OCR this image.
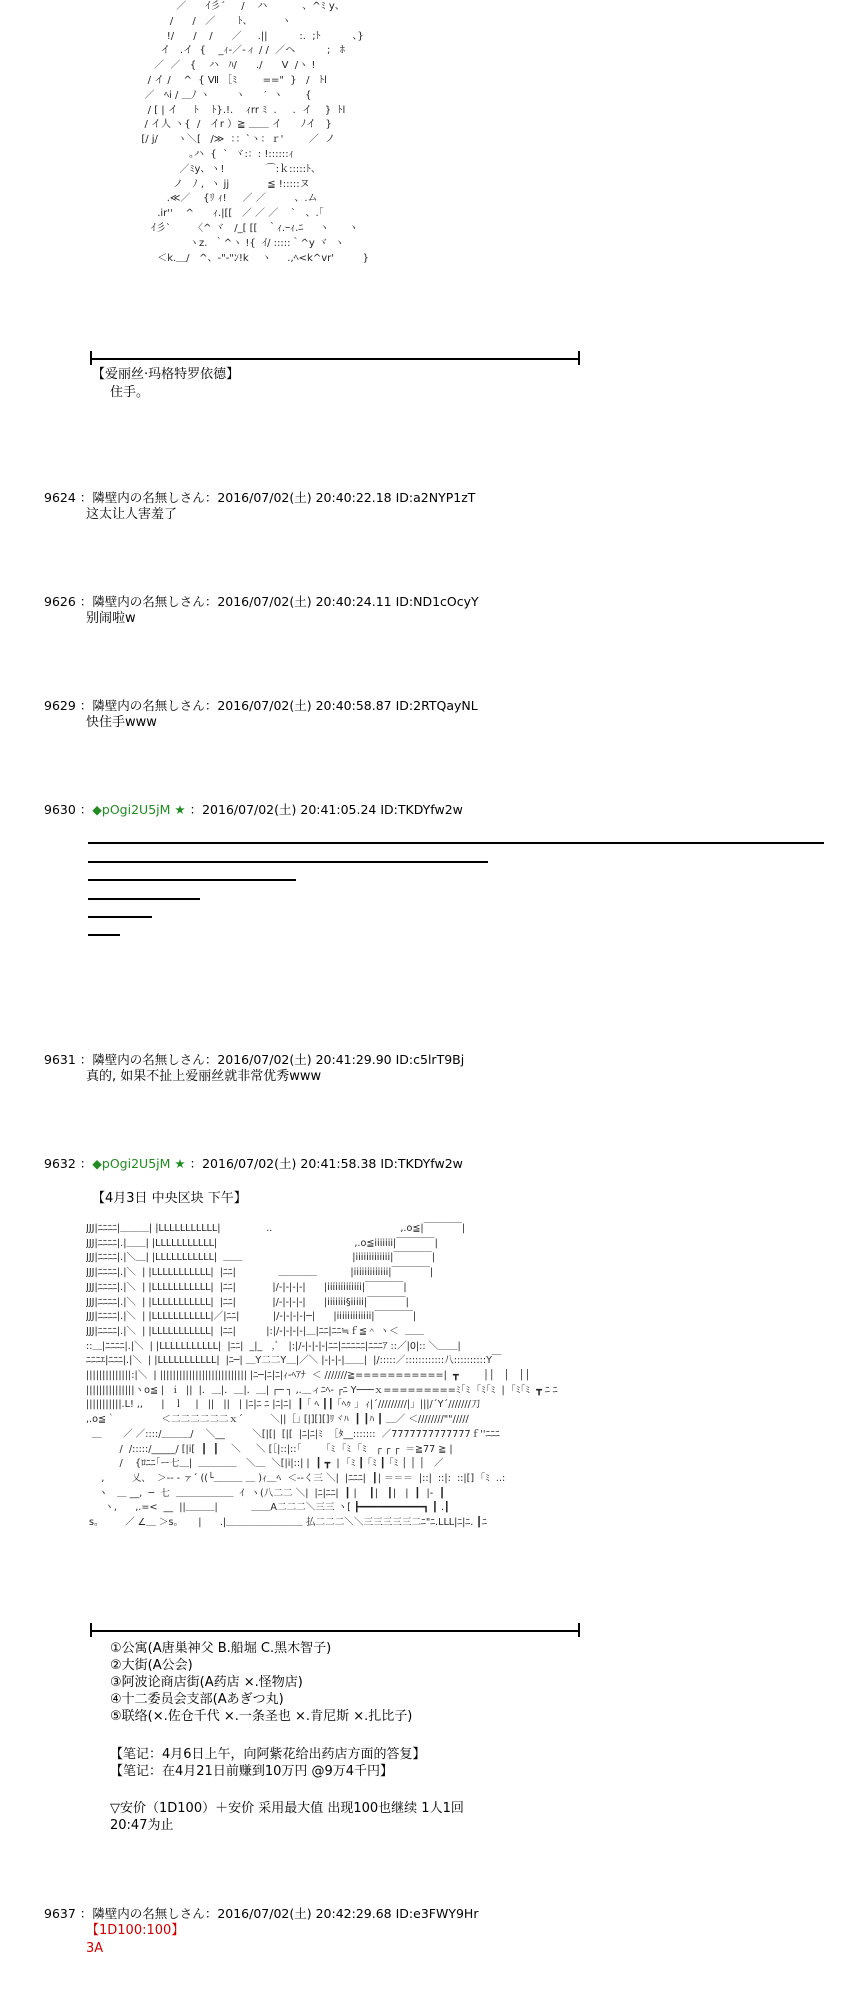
／      ｲ彡´     /    ハ           、^ﾐ y、
/      /   ／       ﾄ、         ヽ
!/      /    /      ／     .||          :.  ;ﾄ          、}
イ   .イ  {    _ｨ-／-ィ / /  ／ヘ          ;   ﾎ
／  ／   {    ハ   ﾊ/      ./      V  /ヽ !
/ イ /    ^  { Ⅶ ［ﾐ        =="  }   /   ﾄl
／   ﾍi / ＿ﾉ ヽ        ヽ      ′  ヽ       {
/ [ | イ     ﾄ    ﾄ}.!.    ｨrr ﾐ  .     .  イ    }  ﾄl
/ イ人 ヽ{  /   イr ）≧ ＿＿ イ      ﾉイ   }
[/ j/      ヽ＼[   /≫  ：：`ヽ：ｒ'        ／  ノ
｡ハ  {  `  ヾ:：: !::::::ｨ
／ﾐy、ヽ!             ⌒:ｋ:::::ﾄ、
ノ   ﾉ ,  ヽ jj            ≦ !:::::ヌ
.≪／    {ﾘ ｨ!     ／ ／         、.ム
.ir''    ^      ｨ.|[[   ／ ／ ／    `   、.｢
ｲ彡`       〈^ ヾ   /_[ [[   ｀ｨ.ｰｨ.ﾆ     ヽ      ヽ
ヽz.  ｀^ヽ !{  ｲ/ :::::｀^y ヾ  ヽ
＜k.＿/   ^、‐"‐"ﾝ!k    ヽ     .,ﾍ<k^vr'         }
【爱丽丝·玛格特罗依德】
住手。
9624 ：隣壁内の名無しさん：2016/07/02(土) 20:40:22.18 ID:a2NYP1zT
这太让人害羞了
9626 ：隣壁内の名無しさん：2016/07/02(土) 20:40:24.11 ID:ND1cOcyY
别闹啦w
9629 ：隣壁内の名無しさん：2016/07/02(土) 20:40:58.87 ID:2RTQayNL
快住手www
9630 ：◆pOgi2U5jM ★ ：2016/07/02(土) 20:41:05.24 ID:TKDYfw2w
9631 ：隣壁内の名無しさん：2016/07/02(土) 20:41:29.90 ID:c5lrT9Bj
真的, 如果不扯上爱丽丝就非常优秀www
9632 ：◆pOgi2U5jM ★ ：2016/07/02(土) 20:41:58.38 ID:TKDYfw2w
【4月3日 中央区块 下午】
JJJ|ﾆﾆﾆﾆ|＿＿＿| |LLLLLLLLLLL|               ..                                          ,.o≦|￣￣￣￣|
JJJ|ﾆﾆﾆﾆ|.|＿＿| |LLLLLLLLLLL|                                             ,.o≦iiiiiii|￣￣￣￣|
JJJ|ﾆﾆﾆﾆ|.|＼＿| |LLLLLLLLLLL|  ＿＿                                    |iiiiiiiiiiiii|￣￣￣￣|
JJJ|ﾆﾆﾆﾆ|.|＼  | |LLLLLLLLLLL|  |ﾆﾆ|              ＿＿＿＿           |iiiiiiiiiiiii|￣￣￣￣|
JJJ|ﾆﾆﾆﾆ|.|＼  | |LLLLLLLLLLL|  |ﾆﾆ|            |/-|-|-|-|      |iiiiiiiiiiiii|￣￣￣￣|
JJJ|ﾆﾆﾆﾆ|.|＼  | |LLLLLLLLLLL|  |ﾆﾆ|            |/-|-|-|-|      |iiiiiii§iiiii|￣￣￣￣|
JJJ|ﾆﾆﾆﾆ|.|＼  | |LLLLLLLLLLL|／|ﾆﾆ|           |/-|-|-|-|─|      |iiiiiiiiiiiii|￣￣￣￣|
JJJ|ﾆﾆﾆﾆ|.|＼  | |LLLLLLLLLLL|  |ﾆﾆ|          |:|/-|-|-|-|＿|ﾆﾆ|ﾆﾆ≒ｆ≦＾ ヽ＜  ＿＿
::＿|ﾆﾆﾆﾆ|.|＼  | |LLLLLLLLLLL|  |ﾆﾆ|  _|_   ,ﾞ   |:|/-|-|-|-|ﾆﾆ|ﾆﾆﾆﾆﾆ|ﾆﾆﾆｱ ::／|0|:: ＼＿＿|
ﾆﾆﾆｴ|ﾆﾆﾆ|.|＼  | |LLLLLLLLLLL|  |ﾆ─| ＿Y二二Y＿|／＼ |-|-|-|＿＿|  |/:::::／::::::::::::八::::::::::Y￣
||||||||||||||:|＼  | ||||||||||||||||||||||||||| |ﾆ─|ﾆ|ﾆ|ｨ-ﾍｱﾅ  ＜ ///////≧===========|  ┳        ││   │   ││
|||||||||||||||ヽo≦ |  ｉ  ||  |．＿|．＿|．＿| ┌─ ┐ ,.＿ィﾆﾍ- ┌ﾆ Y───ｘ=========ﾐ｢ﾐ  ｢ﾐ｢ﾐ  |  ｢ﾐ｢ﾐ  ┳ ﾆ ﾆ
|||||||||||.L! ,,      |   ｌ    |   ||   ||   | |ﾆ|ﾆ ﾆ |ﾆ|ﾆ|  ┃ ｢ ﾍ ┃┃ ｢ﾍｩ ｣  ｨ|´/////////|」|||/´Y´///////刀
,.o≦｀               ＜二二二二二二ｘ´         ＼||［｣ [|][][]ﾘヾﾊ  ┃ ┃ﾊ ┃ ＿／ ＜////////""/////
＿       ／ ／::::/＿＿＿/    ＼__         ＼[|[|  [|[  |ﾆ|ﾆ|ﾐ  ［ﾀ__:::::::  ／7777777777777ｆ''ﾆﾆﾆ
/  /:::::/_____/ [|i[  ┃  ┃    ＼     ＼ [［|::|::｢        ｢ﾐ  ｢ﾐ  ｢ﾐ   ┌ ┌ ┌  ＝≧77 ≧ |
/    {ﾛﾆﾆ｢ー七＿|  ＿＿＿＿   ＼＿  ＼[|i|::| |  ┃ ┳  |  ｢ﾐ ┃ ｢ﾐ ┃ ｢ﾐ │ │ │   ／
,         乂、  ＞-- - ァ´ ((└＿＿＿ ＿ )ｨ＿ﾍ  ＜--く三 ＼|  |ﾆﾆﾆ|  ┃| ＝＝＝  |::|  ::|:  ::|[]  ｢ﾐ  ..:
ヽ   ＿ __,  ─  七  ＿＿＿＿＿＿  ｲ  ヽ(八二二 ＼|  |ﾆ|ﾆﾆ|  ┃ |    ┃|   ┃|   |  ┃  |-  ┃
ヽ,      ,.=<  __  ||＿＿＿|           ＿＿A二二二＼三三 ヽ[ ┣━━━━━━━━━━━┓ ┃ .┃
s。       ／ ∠＿ ＞s。     |      .|＿＿＿＿＿＿＿＿ 払二二二＼＼三三三三三二ﾆ"ﾆ.LLL|ﾆ|ﾆ. ┃ﾆ
①公寓(A唐巣神父 B.船堀 C.黑木智子)
②大街(A公会)
③阿波论商店街(A药店 ×.怪物店)
④十二委员会支部(Aあぎつ丸)
⑤联络(×.佐仓千代 ×.一条圣也 ×.肯尼斯 ×.扎比子)
【笔记：4月6日上午，向阿紫花给出药店方面的答复】
【笔记：在4月21日前赚到10万円 @9万4千円】
▽安价（1D100）＋安价 采用最大值 出现100也继续 1人1回
20:47为止
9637 ：隣壁内の名無しさん：2016/07/02(土) 20:42:29.68 ID:e3FWY9Hr
【1D100:100】
3A
